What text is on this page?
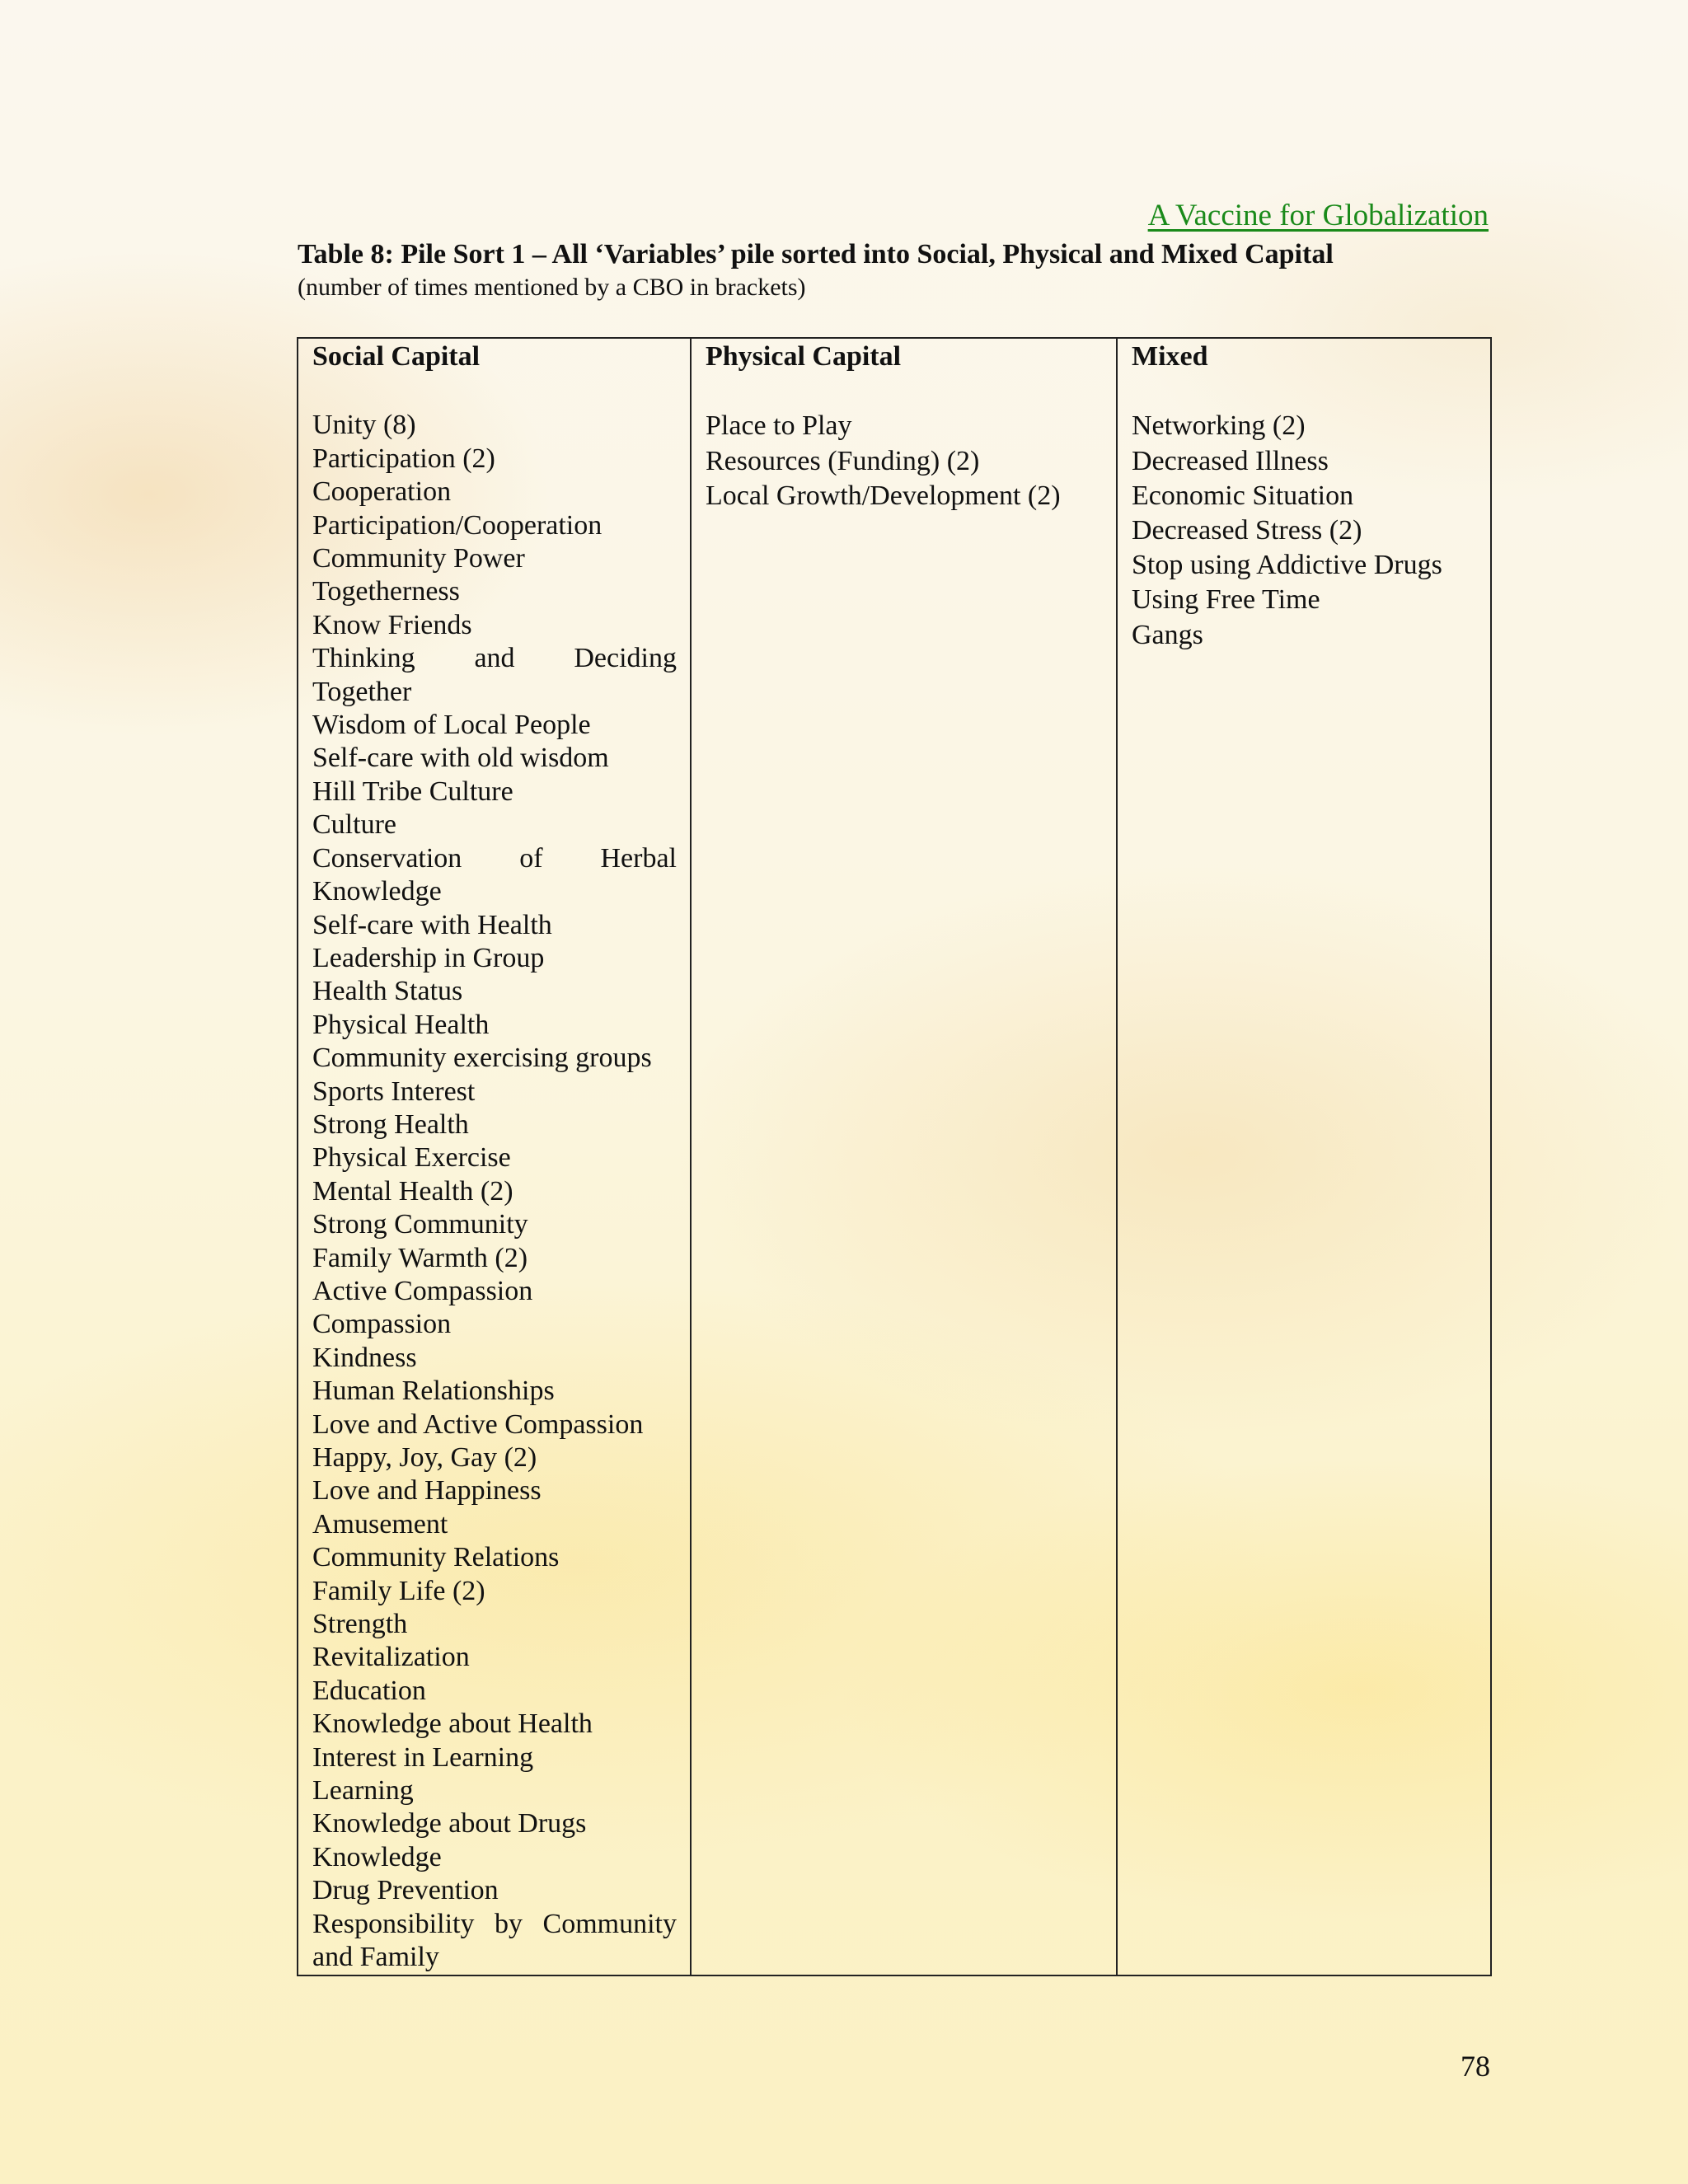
A Vaccine for Globalization
Table 8: Pile Sort 1 – All ‘Variables’ pile sorted into Social, Physical and Mixed Capital
(number of times mentioned by a CBO in brackets)

Social Capital

Unity (8)
Participation (2)
Cooperation
Participation/Cooperation
Community Power
Togetherness
Know Friends
Thinking and Deciding Together
Wisdom of Local People
Self-care with old wisdom
Hill Tribe Culture
Culture
Conservation of Herbal Knowledge
Self-care with Health
Leadership in Group
Health Status
Physical Health
Community exercising groups
Sports Interest
Strong Health
Physical Exercise
Mental Health (2)
Strong Community
Family Warmth (2)
Active Compassion
Compassion
Kindness
Human Relationships
Love and Active Compassion
Happy, Joy, Gay (2)
Love and Happiness
Amusement
Community Relations
Family Life (2)
Strength
Revitalization
Education
Knowledge about Health
Interest in Learning
Learning
Knowledge about Drugs
Knowledge
Drug Prevention
Responsibility by Community and Family

Physical Capital

Place to Play
Resources (Funding) (2)
Local Growth/Development (2)

Mixed

Networking (2)
Decreased Illness
Economic Situation
Decreased Stress (2)
Stop using Addictive Drugs
Using Free Time
Gangs
78
